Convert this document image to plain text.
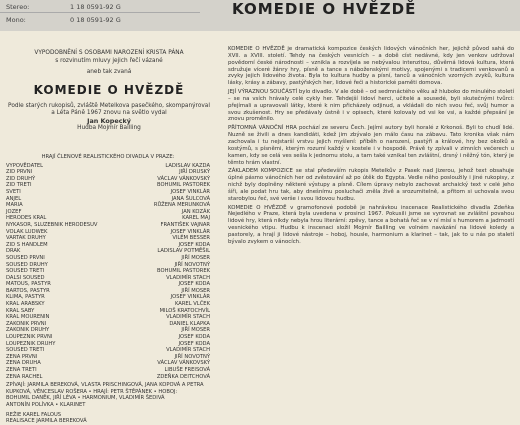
Stereo:	1 18 0591-92 G
Mono:	0 18 0591-92 G
KOMEDIE O HVĚZDĚ
VYPODOBNĚNÍ S OSOBAMI NAROZENÍ KRISTA PÁNA
s rozvinutím mluvy jejich řečí vázané
aneb tak zvaná
KOMEDIE O HVĚZDĚ
Podle starých rukopisů, zvláště Metelkova pasečkého, skompanýroval
a Léta Páně 1967 znovu na světlo vydal
Jan Kopecký
Hudba Mojmír Bailling
HRAJÍ ČLENOVÉ REALISTICKÉHO DIVADLA V PRAZE:
VYPOVĚDATEL	LADISLAV KAZDA
ZID PRVNI	JIŘÍ DRUSKÝ
ZID DRUHÝ	VÁCLAV VÁNKOVSKÝ
ZID TRETI	BOHUMIL PASTOREK
SVETI	JOSEF VINKLÁR
ANJEL	JANA ŠULCOVÁ
MARIA	RŮŽENA MERUNKOVÁ
JOZEF	JAN KOZÁK
HERODES KRAL	KAREL MAJ
NYKASOR, SLUZEBNIK HERODESUV	FRANTIŠEK VAJNAR
VOLAK LUDWEK	JOSEF VINKLÁR
VARTAK DRUHY	VILÉM BESSER
ZID S HANDLEM	JOSEF KODA
DRAK	LADISLAV POTMĚŠIL
SOUSED PRVNI	JIŘÍ MOSER
SOUSED DRUHY	JIŘÍ NOVOTNÝ
SOUSED TRETI	BOHUMIL PASTOREK
DALSI SOUSED	VLADIMÍR STACH
MATOUS, PASTYR	JOSEF KODA
BARTOS, PASTYR	JIŘÍ MOSER
KLIMA, PASTYR	JOSEF VINKLÁR
KRAL ARABSKY	KAREL VLČEK
KRAL SABY	MILOŠ KRATOCHVÍL
KRAL MOURENIN	VLADIMÍR STACH
ZAKONIK PRVNI	DANIEL KLAPKA
ZAKONIK DRUHY	JIŘÍ MOSER
LOUPEZNIK PRVNI	JOSEF KODA
LOUPEZNIK DRUHY	JOSEF KODA
SOUSED TRETI	VLADIMÍR STACH
ZENA PRVNI	JIŘÍ NOVOTNÝ
ZENA DRUHA	VÁCLAV VÁNKOVSKÝ
ZENA TRETI	LIBUŠE FREISOVÁ
ZENA RACHEL	ZDEŇKA DEITCHOVÁ
ZPÍVAJÍ: JARMILA BEREKOVÁ, VLASTA PRISCHINGOVÁ, JANA KOPOVÁ A PETRA
KUPKOVÁ, VĚNCESLAV ROŠERA • HRAJÍ: PETR ŠTĚPÁNEK • HOBOJ:
BOHUMIL DANĚK, JIŘÍ LÉVA • HARMONIUM, VLADIMÍR ŠEDIVÁ
ANTONÍN POLÍVKA • KLARINET
REŽIE KAREL FALOUS
REALISACE JARMILA BEREKOVÁ

KOMEDIE O HVĚZDĚ je dramatická kompozice českých lidových vánočních her, jejichž původ sahá do XVII. a XVIII. století. Tehdy na českých vesnicích – a době císt nedávné, kdy jen venkov udržoval povědomí české národnosti – vznikla a rozvíjela se nebývalou intenzitou, důvěrná lidová kultura, která sdružuje víceré žánry hry, písně a tance s náboženskými motivy, spojenými s tradicemi venkovanů a zvyky jejich lidového života. Byla to kultura hudby a písní, tanců a vánočních vzorných zvyků, kultura lásky, krásy a zábavy, pastýřských her, lidové řeči a historické paměti domova.

JEJÍ VÝRAZNOU SOUČÁSTÍ bylo divadlo. V ale době – od sedmnáctého věku až hluboko do minulého století – se na vsích hrávaly celé cykly her. Tehdejší lidoví herci, učitelé a sousedé, byli skutečnými tvůrci: přejímali a upravovali látky, které k nim přicházely odjinud, a vkládali do nich svou řeč, svůj humor a svou zkušenost. Hry se předávaly ústně i v opisech, které kolovaly od vsi ke vsi, a každé přepsání je znovu proměnilo.

PŘÍTOMNÁ VÁNOČNÍ HRA pochází ze severu Čech. Jejími autory byli horalé z Krkonoš. Byli to chudí lidé. Nuzně se živili a dnes kandidáti, kdež jim zbývalo jen málo času na zábavu. Tato kronika však nám zachovala i tu nejstarší vrstvu jejich myšlení: příběh o narození, pastýři a králové, hry bez okolků a kostýmů, s písněmi, kterým rozumí každý v kostele i v hospodě. Právě ty zpívali v zimních večerech u kamen, kdy se celá ves sešla k jednomu stolu, a tam také vznikal ten zvláštní, drsný i něžný tón, který je těmto hrám vlastní.

ZÁKLADEM KOMPOZICE se stal především rukopis Metelkův z Pasek nad Jizerou, jehož text obsahuje úplné pásmo vánočních her od zvěstování až po útěk do Egypta. Vedle něho posloužily i jiné rukopisy, z nichž byly doplněny některé výstupy a písně. Cílem úpravy nebylo zachovat archaický text v celé jeho šíři, ale podat hru tak, aby dnešnímu posluchači zněla živě a srozumitelně, a přitom si uchovala svou starobylou řeč, své verše i svou lidovou hudbu.

KOMEDIE O HVĚZDĚ v gramofonové podobě je nahrávkou inscenace Realistického divadla Zdeňka Nejedlého v Praze, která byla uvedena v prosinci 1967. Pokusili jsme se vyrovnat se zvláštní povahou lidové hry, která nikdy nebyla hrou literární: zpěvy, tance a bohatá řeč se v ní mísí s humorem a jadrností vesnického vtipu. Hudbu k inscenaci složil Mojmír Bailling ve volném navázání na lidové koledy a pastorely, a hrají ji lidové nástroje – hoboj, housle, harmonium a klarinet – tak, jak to u nás po staletí bývalo zvykem o vánocích.
